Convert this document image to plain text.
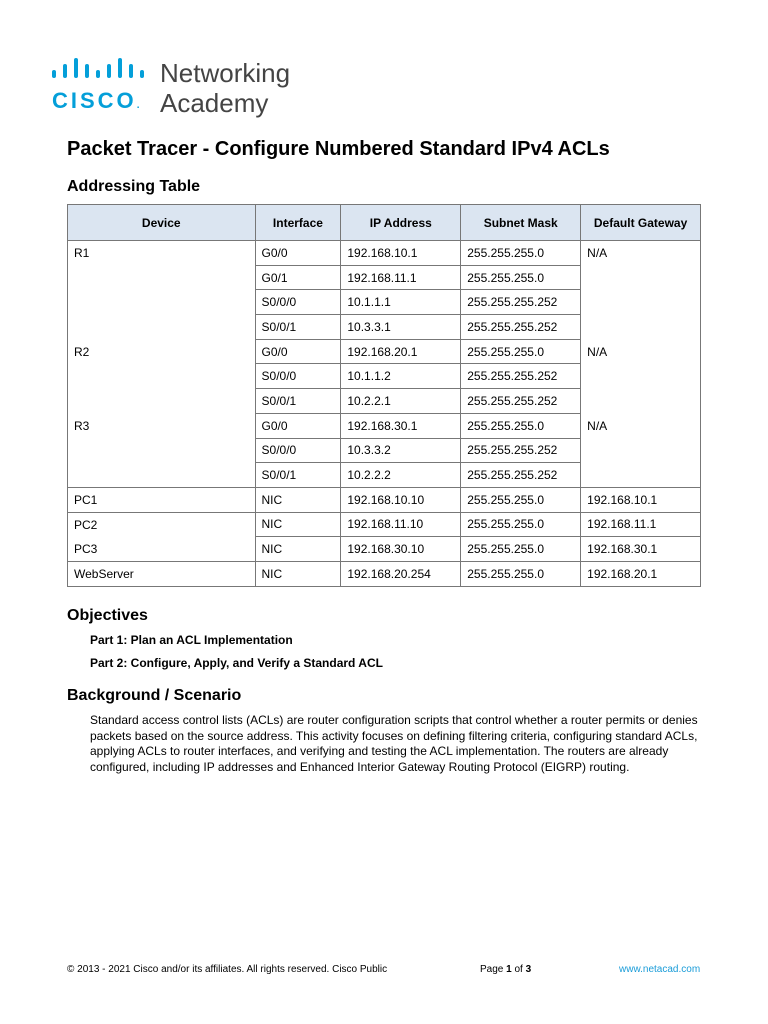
CISCO.
Networking
Academy
Packet Tracer - Configure Numbered Standard IPv4 ACLs
Addressing Table
Device	Interface	IP Address	Subnet Mask	Default Gateway
R1	G0/0	192.168.10.1	255.255.255.0	N/A
	G0/1	192.168.11.1	255.255.255.0	
	S0/0/0	10.1.1.1	255.255.255.252	
	S0/0/1	10.3.3.1	255.255.255.252	
R2	G0/0	192.168.20.1	255.255.255.0	N/A
	S0/0/0	10.1.1.2	255.255.255.252	
	S0/0/1	10.2.2.1	255.255.255.252	
R3	G0/0	192.168.30.1	255.255.255.0	N/A
	S0/0/0	10.3.3.2	255.255.255.252	
	S0/0/1	10.2.2.2	255.255.255.252	
PC1	NIC	192.168.10.10	255.255.255.0	192.168.10.1
PC2	NIC	192.168.11.10	255.255.255.0	192.168.11.1
PC3	NIC	192.168.30.10	255.255.255.0	192.168.30.1
WebServer	NIC	192.168.20.254	255.255.255.0	192.168.20.1
Objectives

Part 1: Plan an ACL Implementation

Part 2: Configure, Apply, and Verify a Standard ACL

Background / Scenario

Standard access control lists (ACLs) are router configuration scripts that control whether a router permits or denies packets based on the source address. This activity focuses on defining filtering criteria, configuring standard ACLs, applying ACLs to router interfaces, and verifying and testing the ACL implementation. The routers are already configured, including IP addresses and Enhanced Interior Gateway Routing Protocol (EIGRP) routing.

© 2013 - 2021 Cisco and/or its affiliates. All rights reserved. Cisco Public	Page 1 of 3	www.netacad.com
